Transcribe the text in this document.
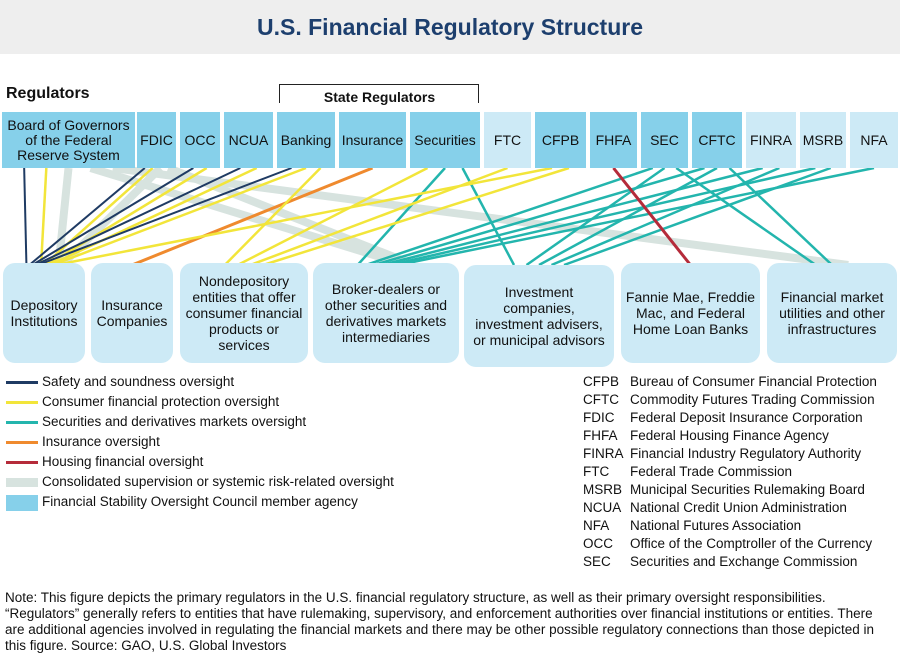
U.S. Financial Regulatory Structure
Regulators	State Regulators
Board of Governors of the Federal Reserve System
FDIC OCC NCUA Banking Insurance Securities	FTC	CFPB	FHFA	SEC	CFTC	FINRA MSRB	NFA
Depository Institutions
Insurance Companies
Nondepository entities that offer consumer financial products or services
Broker-dealers or other securities and derivatives markets intermediaries
Investment companies, investment advisers, or municipal advisors
Fannie Mae, Freddie Mac, and Federal Home Loan Banks
Financial market utilities and other infrastructures
Safety and soundness oversight
Consumer financial protection oversight
Securities and derivatives markets oversight
Insurance oversight
Housing financial oversight
Consolidated supervision or systemic risk-related oversight
Financial Stability Oversight Council member agency
CFPB Bureau of Consumer Financial Protection
CFTC Commodity Futures Trading Commission
FDIC Federal Deposit Insurance Corporation
FHFA Federal Housing Finance Agency
FINRA Financial Industry Regulatory Authority
FTC Federal Trade Commission
MSRB Municipal Securities Rulemaking Board
NCUA National Credit Union Administration
NFA National Futures Association
OCC Office of the Comptroller of the Currency
SEC Securities and Exchange Commission
Note: This figure depicts the primary regulators in the U.S. financial regulatory structure, as well as their primary oversight responsibilities. “Regulators” generally refers to entities that have rulemaking, supervisory, and enforcement authorities over financial institutions or entities. There are additional agencies involved in regulating the financial markets and there may be other possible regulatory connections than those depicted in this figure. Source: GAO, U.S. Global Investors
